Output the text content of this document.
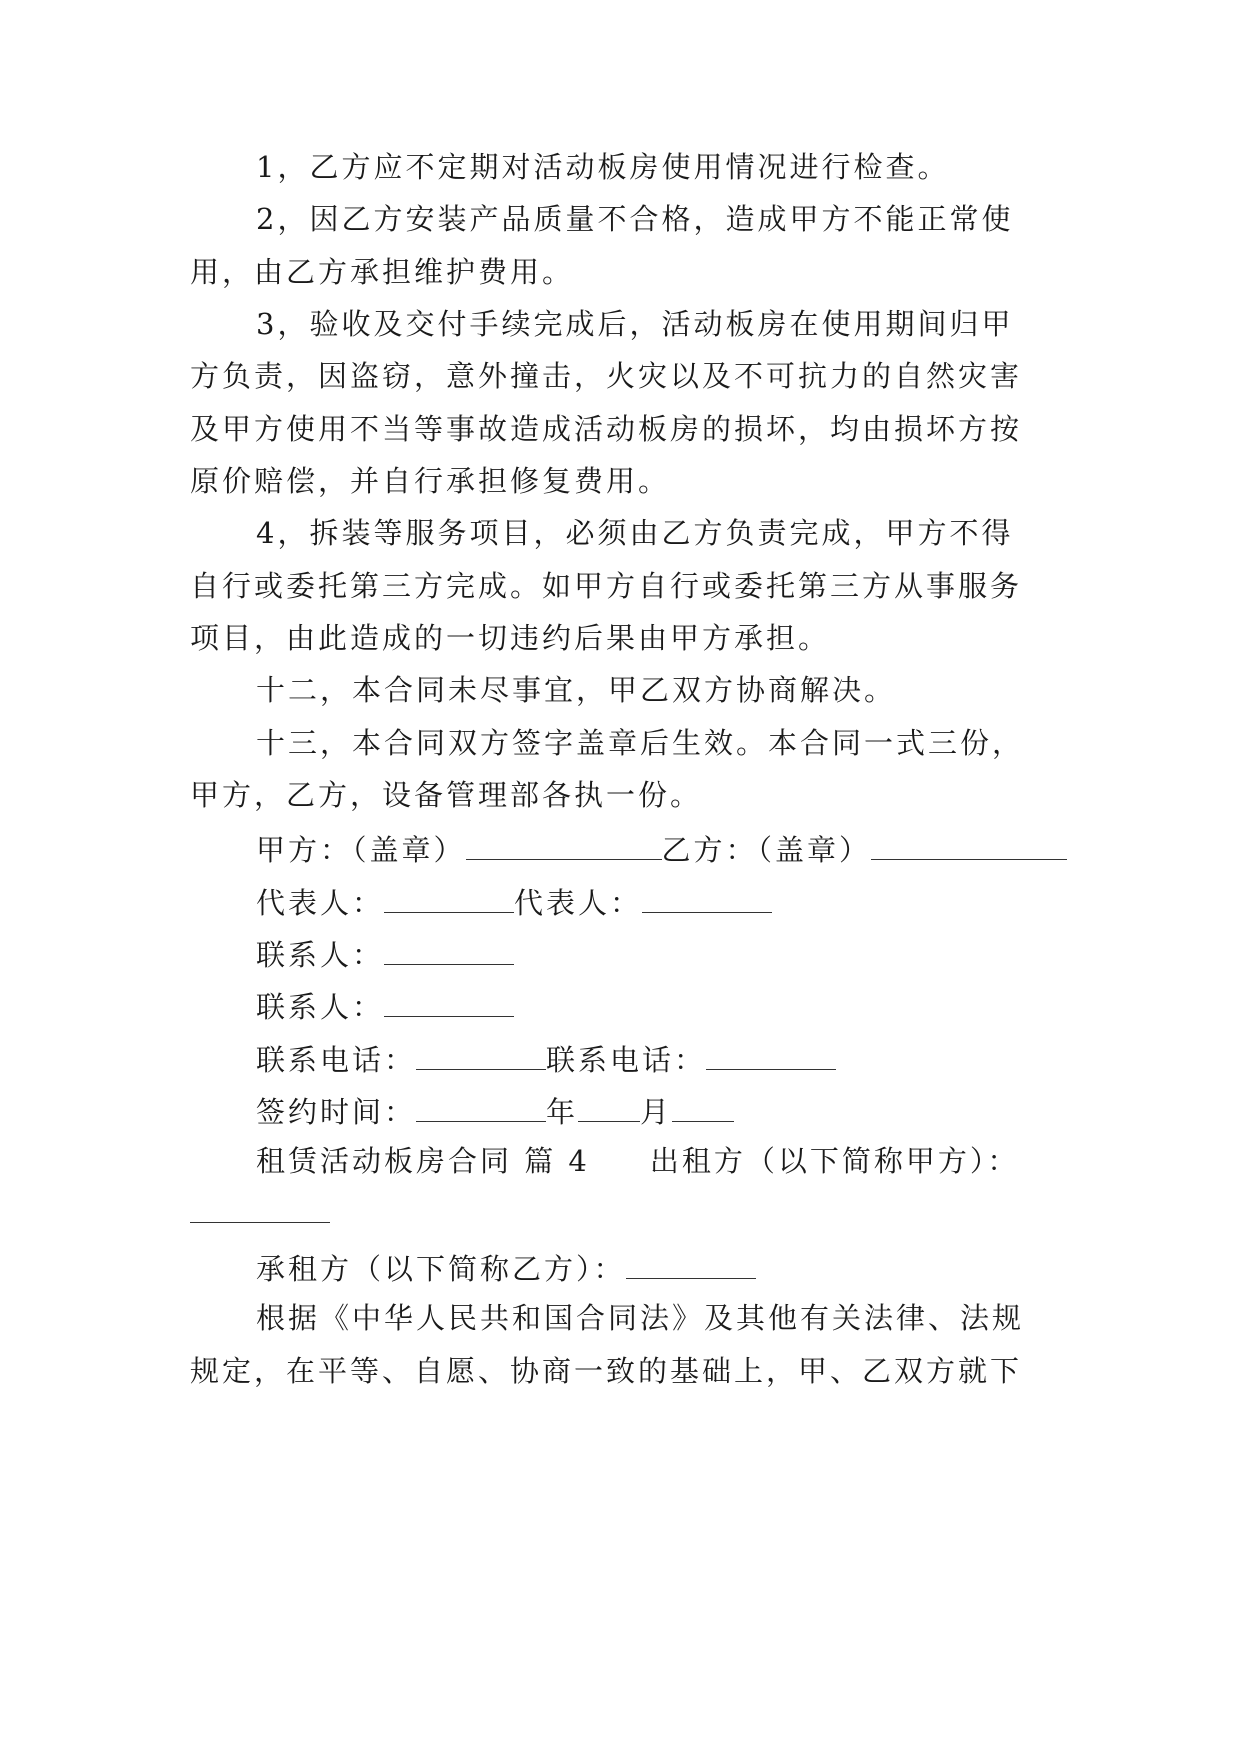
1，乙方应不定期对活动板房使用情况进行检查。
2，因乙方安装产品质量不合格，造成甲方不能正常使
用，由乙方承担维护费用。
3，验收及交付手续完成后，活动板房在使用期间归甲
方负责，因盗窃，意外撞击，火灾以及不可抗力的自然灾害
及甲方使用不当等事故造成活动板房的损坏，均由损坏方按
原价赔偿，并自行承担修复费用。
4，拆装等服务项目，必须由乙方负责完成，甲方不得
自行或委托第三方完成。如甲方自行或委托第三方从事服务
项目，由此造成的一切违约后果由甲方承担。
十二，本合同未尽事宜，甲乙双方协商解决。
十三，本合同双方签字盖章后生效。本合同一式三份，
甲方，乙方，设备管理部各执一份。
甲方：（盖章）	乙方：（盖章）
代表人：	代表人：
联系人：
联系人：
联系电话：	联系电话：
签约时间：	年 月
租赁活动板房合同 篇 4 出租方（以下简称甲方）：
承租方（以下简称乙方）：
根据《中华人民共和国合同法》及其他有关法律、法规
规定，在平等、自愿、协商一致的基础上，甲、乙双方就下
